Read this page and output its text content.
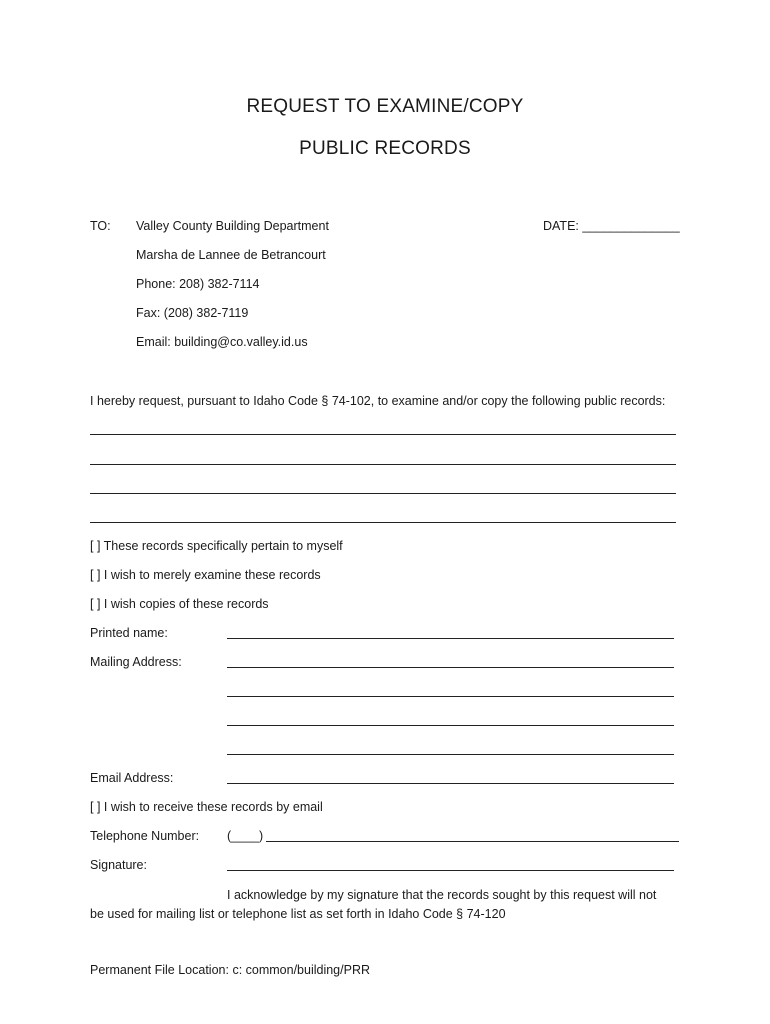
REQUEST TO EXAMINE/COPY
PUBLIC RECORDS
TO: Valley County Building Department	DATE: ______________
Marsha de Lannee de Betrancourt
Phone: 208) 382-7114
Fax: (208) 382-7119
Email: building@co.valley.id.us
I hereby request, pursuant to Idaho Code § 74-102, to examine and/or copy the following public records:
[ ] These records specifically pertain to myself
[ ] I wish to merely examine these records
[ ] I wish copies of these records
Printed name:
Mailing Address:
Email Address:
[ ] I wish to receive these records by email
Telephone Number: (____)
Signature:
I acknowledge by my signature that the records sought by this request will not
be used for mailing list or telephone list as set forth in Idaho Code § 74-120
Permanent File Location: c: common/building/PRR
